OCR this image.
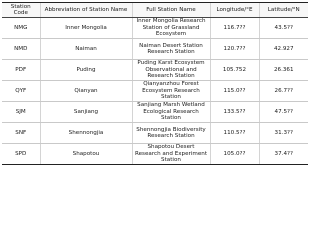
Station Code	Abbreviation of Station Name	Full Station Name	Longitude/°E	Latitude/°N
NMG	Inner Mongolia	Inner Mongolia Research Station of Grassland Ecosystem	116.7??	43.5??
NMD	Naiman	Naiman Desert Station Research Station	120.7??	42.927
PDF	Puding	Puding Karst Ecosystem Observational and Research Station	105.752	26.361
QYF	Qianyan	Qianyanzhou Forest Ecosystem Research Station	115.0??	26.7??
SJM	Sanjiang	Sanjiang Marsh Wetland Ecological Research Station	133.5??	47.5??
SNF	Shennongjia	Shennongjia Biodiversity Research Station	110.5??	31.3??
SPD	Shapotou	Shapotou Desert Research and Experiment Station	105.0??	37.4??
